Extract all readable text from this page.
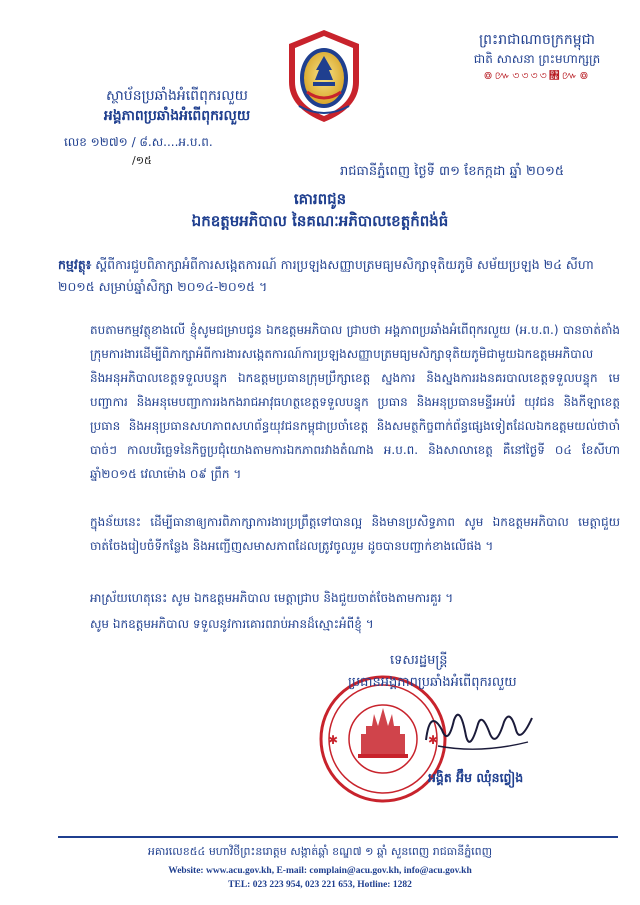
ស្ថាប័នប្រឆាំងអំពើពុករលួយ
អង្គភាពប្រឆាំងអំពើពុករលួយ
លេខ ១២៧១ / ៨.ស....អ.ប.ព.
/១៥
ព្រះរាជាណាចក្រកម្ពុជា
ជាតិ សាសនា ព្រះមហាក្សត្រ
៙៚৩৩৩৩৛៚៙
រាជធានីភ្នំពេញ ថ្ងៃទី ៣១ ខែកក្កដា ឆ្នាំ ២០១៥
គោរពជូន
ឯកឧត្តមអភិបាល នៃគណៈអភិបាលខេត្តកំពង់ធំ
កម្មវត្ថុ៖ ស្តីពីការជួបពិភាក្សាអំពីការសង្កេតការណ៍ ការប្រឡងសញ្ញាបត្រមធ្យមសិក្សាទុតិយភូមិ សម័យប្រឡង ២៤ សីហា ២០១៥ សម្រាប់ឆ្នាំសិក្សា ២០១៤-២០១៥ ។
តបតាមកម្មវត្ថុខាងលើ ខ្ញុំសូមជម្រាបជូន ឯកឧត្តមអភិបាល ជ្រាបថា អង្គភាពប្រឆាំងអំពើពុករលួយ (អ.ប.ព.) បានចាត់តាំងក្រុមការងារដើម្បីពិភាក្សាអំពីការងារសង្កេតការណ៍ការប្រឡងសញ្ញាបត្រមធ្យមសិក្សាទុតិយភូមិជាមួយឯកឧត្តមអភិបាល និងអនុអភិបាលខេត្តទទួលបន្ទុក ឯកឧត្តមប្រធានក្រុមប្រឹក្សាខេត្ត ស្នងការ និងស្នងការរងនគរបាលខេត្តទទួលបន្ទុក មេបញ្ជាការ និងអនុមេបញ្ជាការរងកងរាជអាវុធហត្ថខេត្តទទួលបន្ទុក ប្រធាន និងអនុប្រធានមន្ទីរអប់រំ យុវជន និងកីឡាខេត្ត ប្រធាន និងអនុប្រធានសហភាពសហព័ន្ធយុវជនកម្ពុជាប្រចាំខេត្ត និងសមត្ថកិច្ចពាក់ព័ន្ធផ្សេងទៀតដែលឯកឧត្តមយល់ថាចាំបាច់ៗ កាលបរិច្ឆេទនៃកិច្ចប្រជុំយោងតាមការឯកភាពរវាងតំណាង អ.ប.ព. និងសាលាខេត្ត គឺនៅថ្ងៃទី ០៤ ខែសីហា ឆ្នាំ២០១៥ វេលាម៉ោង ០៩ ព្រឹក ។
ក្នុងន័យនេះ ដើម្បីធានាឲ្យការពិភាក្សាការងារប្រព្រឹត្តទៅបានល្អ និងមានប្រសិទ្ធភាព សូម ឯកឧត្តមអភិបាល មេត្តាជួយចាត់ចែងរៀបចំទីកន្លែង និងអញ្ជើញសមាសភាពដែលត្រូវចូលរួម ដូចបានបញ្ជាក់ខាងលើផង ។
អាស្រ័យហេតុនេះ សូម ឯកឧត្តមអភិបាល មេត្តាជ្រាប និងជួយចាត់ចែងតាមការគួរ ។
សូម ឯកឧត្តមអភិបាល ទទួលនូវការគោរពរាប់អានដ៏ស្មោះអំពីខ្ញុំ ។
✱	✱
ទេសរដ្ឋមន្ត្រី
ប្រធានអង្គភាពប្រឆាំងអំពើពុករលួយ
អង្គិត អ៊ឹម ឈុំនព្វៀង
អគារលេខ៥៤ មហាវិថីព្រះនរោត្តម សង្កាត់ឆ្ពាំ ខណ្ឌ៧ ១ ឆ្ពាំ សួនពេញ រាជធានីភ្នំពេញ
Website: www.acu.gov.kh, E-mail: complain@acu.gov.kh, info@acu.gov.kh
TEL: 023 223 954, 023 221 653, Hotline: 1282
